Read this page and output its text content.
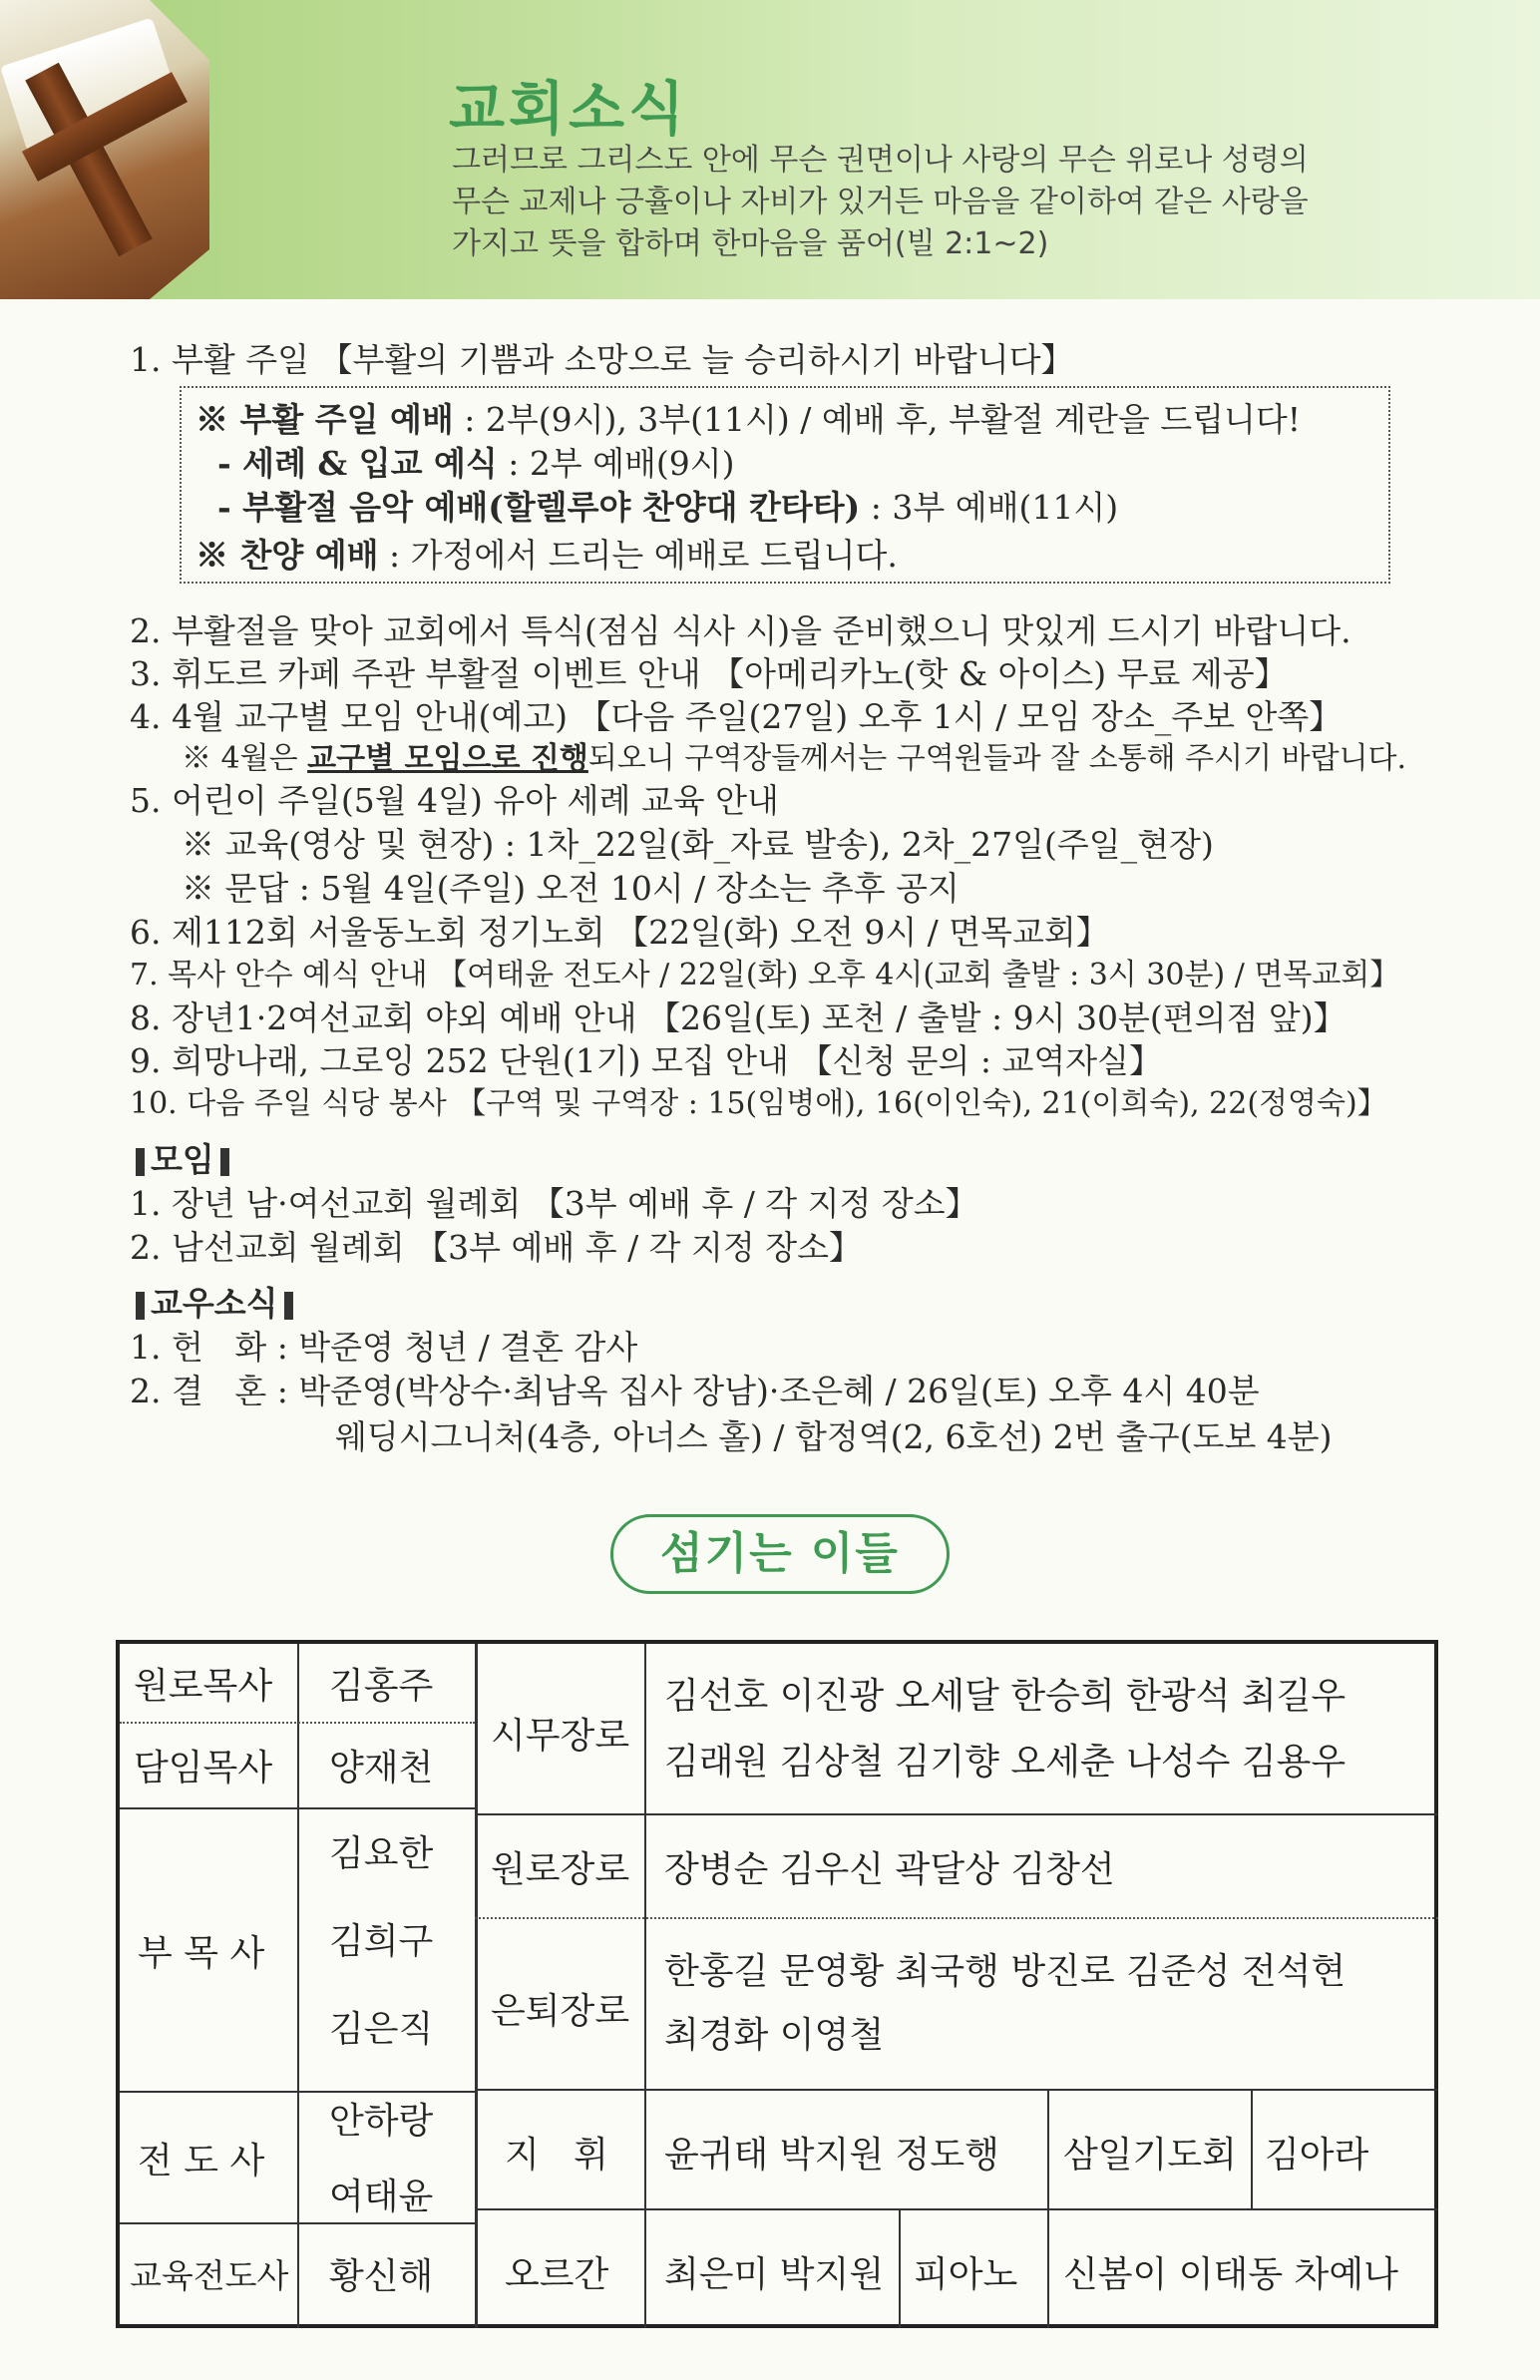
교회소식
그러므로 그리스도 안에 무슨 권면이나 사랑의 무슨 위로나 성령의
무슨 교제나 긍휼이나 자비가 있거든 마음을 같이하여 같은 사랑을
가지고 뜻을 합하며 한마음을 품어(빌 2:1~2)
1. 부활 주일 【부활의 기쁨과 소망으로 늘 승리하시기 바랍니다】
※ 부활 주일 예배 : 2부(9시), 3부(11시) / 예배 후, 부활절 계란을 드립니다!
- 세례 & 입교 예식 : 2부 예배(9시)
- 부활절 음악 예배(할렐루야 찬양대 칸타타) : 3부 예배(11시)
※ 찬양 예배 : 가정에서 드리는 예배로 드립니다.
2. 부활절을 맞아 교회에서 특식(점심 식사 시)을 준비했으니 맛있게 드시기 바랍니다.
3. 휘도르 카페 주관 부활절 이벤트 안내 【아메리카노(핫 & 아이스) 무료 제공】
4. 4월 교구별 모임 안내(예고) 【다음 주일(27일) 오후 1시 / 모임 장소_주보 안쪽】
※ 4월은 교구별 모임으로 진행되오니 구역장들께서는 구역원들과 잘 소통해 주시기 바랍니다.
5. 어린이 주일(5월 4일) 유아 세례 교육 안내
※ 교육(영상 및 현장) : 1차_22일(화_자료 발송), 2차_27일(주일_현장)
※ 문답 : 5월 4일(주일) 오전 10시 / 장소는 추후 공지
6. 제112회 서울동노회 정기노회 【22일(화) 오전 9시 / 면목교회】
7. 목사 안수 예식 안내 【여태윤 전도사 / 22일(화) 오후 4시(교회 출발 : 3시 30분) / 면목교회】
8. 장년1·2여선교회 야외 예배 안내 【26일(토) 포천 / 출발 : 9시 30분(편의점 앞)】
9. 희망나래, 그로잉 252 단원(1기) 모집 안내 【신청 문의 : 교역자실】
10. 다음 주일 식당 봉사 【구역 및 구역장 : 15(임병애), 16(이인숙), 21(이희숙), 22(정영숙)】
모임
1. 장년 남·여선교회 월례회 【3부 예배 후 / 각 지정 장소】
2. 남선교회 월례회 【3부 예배 후 / 각 지정 장소】
교우소식
1. 헌   화 : 박준영 청년 / 결혼 감사
2. 결   혼 : 박준영(박상수·최남옥 집사 장남)·조은혜 / 26일(토) 오후 4시 40분
웨딩시그니처(4층, 아너스 홀) / 합정역(2, 6호선) 2번 출구(도보 4분)
섬기는 이들
원로목사 김홍주
담임목사 양재천
부 목 사
김요한
김희구
김은직
전 도 사
안하랑
여태윤
교육전도사 황신해
시무장로
김선호 이진광 오세달 한승희 한광석 최길우
김래원 김상철 김기향 오세춘 나성수 김용우
원로장로 장병순 김우신 곽달상 김창선
은퇴장로
한홍길 문영황 최국행 방진로 김준성 전석현
최경화 이영철
지   휘 윤귀태 박지원 정도행 삼일기도회 김아라
오르간 최은미 박지원 피아노 신봄이 이태동 차예나
